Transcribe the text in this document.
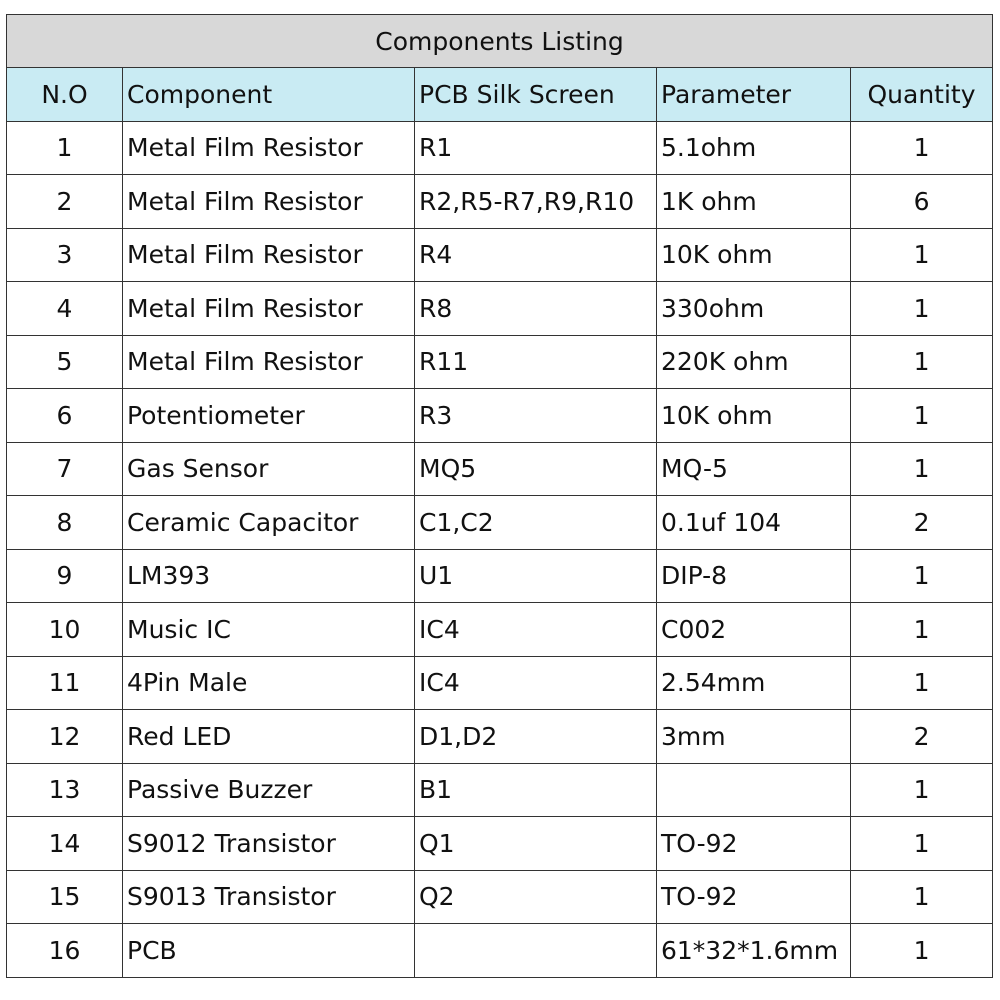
Components Listing				
N.O	Component	PCB Silk Screen	Parameter	Quantity
1	Metal Film Resistor	R1	5.1ohm	1
2	Metal Film Resistor	R2,R5-R7,R9,R10	1K ohm	6
3	Metal Film Resistor	R4	10K ohm	1
4	Metal Film Resistor	R8	330ohm	1
5	Metal Film Resistor	R11	220K ohm	1
6	Potentiometer	R3	10K ohm	1
7	Gas Sensor	MQ5	MQ-5	1
8	Ceramic Capacitor	C1,C2	0.1uf 104	2
9	LM393	U1	DIP-8	1
10	Music IC	IC4	C002	1
11	4Pin Male	IC4	2.54mm	1
12	Red LED	D1,D2	3mm	2
13	Passive Buzzer	B1		1
14	S9012 Transistor	Q1	TO-92	1
15	S9013 Transistor	Q2	TO-92	1
16	PCB		61*32*1.6mm	1
